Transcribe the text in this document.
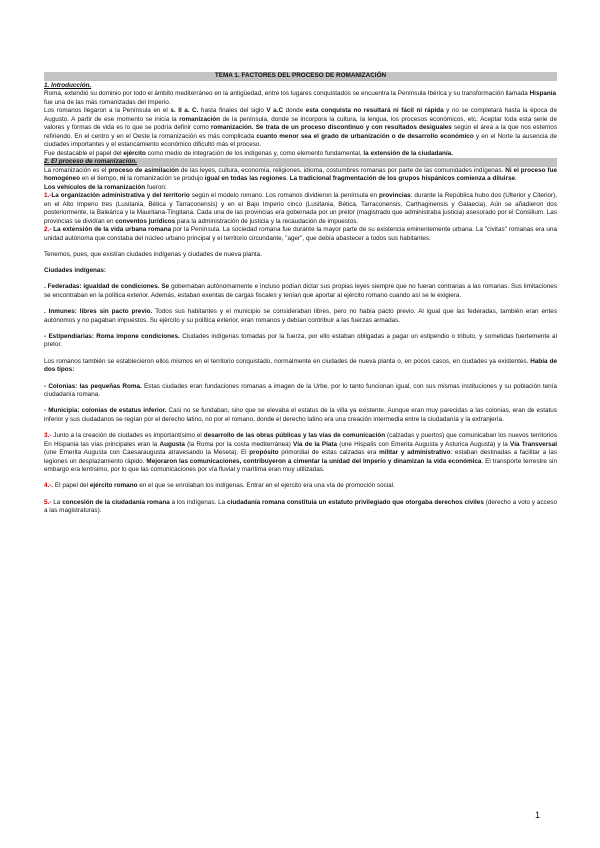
TEMA 1. FACTORES DEL PROCESO DE ROMANIZACIÓN

1. Introducción.

Roma, extendió su dominio por todo el ámbito mediterráneo en la antigüedad, entre los lugares conquistados se encuentra la Península Ibérica y su transformación llamada Hispania fue una de las más romanizadas del Imperio.

Los romanos llegaron a la Península en el s. II a. C. hasta finales del siglo V a.C donde esta conquista no resultará ni fácil ni rápida y no se completará hasta la época de Augusto. A partir de ese momento se inicia la romanización de la península, donde se incorpora la cultura, la lengua, los procesos económicos, etc. Aceptar toda esta serie de valores y formas de vida es lo que se podría definir como romanización. Se trata de un proceso discontinuo y con resultados desiguales según el área a la que nos estemos refiriendo. En el centro y en el Oeste la romanización es más complicada cuanto menor sea el grado de urbanización o de desarrollo económico y en el Norte la ausencia de ciudades importantes y el estancamiento económico dificultó más el proceso.

Fue destacable el papel del ejército como medio de integración de los indígenas y, como elemento fundamental, la extensión de la ciudadanía.

2. El proceso de romanización.

La romanización es el proceso de asimilación de las leyes, cultura, economía, religiones, idioma, costumbres romanas por parte de las comunidades indígenas. Ni el proceso fue homogéneo en el tiempo, ni la romanización se produjo igual en todas las regiones. La tradicional fragmentación de los grupos hispánicos comienza a diluirse.

Los vehículos de la romanización fueron:

1.-La organización administrativa y del territorio según el modelo romano. Los romanos dividieron la península en provincias: durante la República hubo dos (Ulterior y Citerior), en el Alto Imperio tres (Lusitania, Bética y Tarraconensis) y en el Bajo Imperio cinco (Lusitania, Bética, Tarraconensis, Carthaginensis y Galaecia). Aún se añadieron dos posteriormente, la Baleárica y la Mauritana-Tingitana. Cada una de las provincias era gobernada por un pretor (magistrado que administraba justicia) asesorado por el Consilium. Las provincias se dividían en conventos jurídicos para la administración de justicia y la recaudación de impuestos.

2.- La extensión de la vida urbana romana por la Península. La sociedad romana fue durante la mayor parte de su existencia eminentemente urbana. La "civitas" romanas era una unidad autónoma que constaba del núcleo urbano principal y el territorio circundante, "ager", que debía abastecer a todos sus habitantes.

Tenemos, pues, que existían ciudades indígenas y ciudades de nueva planta.

Ciudades indígenas:

. Federadas: igualdad de condiciones. Se gobernaban autónomamente e incluso podían dictar sus propias leyes siempre que no fueran contrarias a las romanas. Sus limitaciones se encontraban en la política exterior. Además, estaban exentas de cargas fiscales y tenían que aportar al ejército romano cuando así se le exigiera.

. Inmunes: libres sin pacto previo. Todos sus habitantes y el municipio se consideraban libres, pero no había pacto previo. Al igual que las federadas, también eran entes autónomos y no pagaban impuestos. Su ejército y su política exterior, eran romanos y debían contribuir a las fuerzas armadas.

- Estipendiarias: Roma impone condiciones. Ciudades indígenas tomadas por la fuerza, por ello estaban obligadas a pagar un estipendio o tributo, y sometidas fuertemente al pretor.

Los romanos también se establecieron ellos mismos en el territorio conquistado, normalmente en ciudades de nueva planta o, en pocos casos, en ciudades ya existentes. Había de dos tipos:

- Colonias: las pequeñas Roma. Estas ciudades eran fundaciones romanas a imagen de la Urbe, por lo tanto funcionan igual, con sus mismas instituciones y su población tenía ciudadanía romana.

- Municipia: colonias de estatus inferior. Casi no se fundaban, sino que se elevaba el estatus de la villa ya existente. Aunque eran muy parecidas a las colonias, eran de estatus inferior y sus ciudadanos se regían por el derecho latino, no por el romano, donde el derecho latino era una creación intermedia entre la ciudadanía y la extranjería.

3.- Junto a la creación de ciudades es importantísimo el desarrollo de las obras públicas y las vías de comunicación (calzadas y puertos) que comunicaban los nuevos territorios En Hispania las vías principales eran la Augusta (la Roma por la costa mediterránea) Vía de la Plata (une Hispalis con Emerita Augusta y Asturica Augusta) y la Vía Transversal (une Emerita Augusta con Caesaraugusta atravesando la Meseta). El propósito primordial de estas calzadas era militar y administrativo: estaban destinadas a facilitar a las legiones un desplazamiento rápido. Mejoraron las comunicaciones, contribuyeron a cimentar la unidad del Imperio y dinamizan la vida económica. El transporte terrestre sin embargo era lentísimo, por lo que las comunicaciones por vía fluvial y marítima eran muy utilizadas.

4.-. El papel del ejército romano en el que se enrolaban los indígenas. Entrar en el ejército era una vía de promoción social.

5.- La concesión de la ciudadanía romana a los indígenas. La ciudadanía romana constituía un estatuto privilegiado que otorgaba derechos civiles (derecho a voto y acceso a las magistraturas).

1
